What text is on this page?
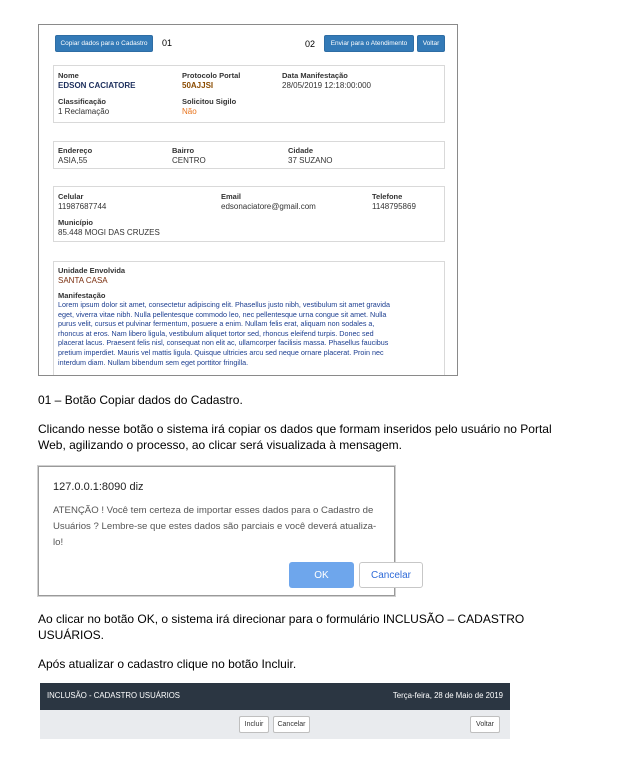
Copiar dados para o Cadastro	01	02	Enviar para o Atendimento	Voltar
Nome
EDSON CACIATORE
Protocolo Portal
50AJJSI
Data Manifestação
28/05/2019 12:18:00:000
Classificação
1 Reclamação
Solicitou Sigilo
Não
Endereço
ASIA,55
Bairro
CENTRO
Cidade
37 SUZANO
Celular
11987687744
Email
edsonaciatore@gmail.com
Telefone
1148795869
Município
85.448 MOGI DAS CRUZES
Unidade Envolvida
SANTA CASA
Manifestação
Lorem ipsum dolor sit amet, consectetur adipiscing elit. Phasellus justo nibh, vestibulum sit amet gravida
eget, viverra vitae nibh. Nulla pellentesque commodo leo, nec pellentesque urna congue sit amet. Nulla
purus velit, cursus et pulvinar fermentum, posuere a enim. Nullam felis erat, aliquam non sodales a,
rhoncus at eros. Nam libero ligula, vestibulum aliquet tortor sed, rhoncus eleifend turpis. Donec sed
placerat lacus. Praesent felis nisl, consequat non elit ac, ullamcorper facilisis massa. Phasellus faucibus
pretium imperdiet. Mauris vel mattis ligula. Quisque ultricies arcu sed neque ornare placerat. Proin nec
interdum diam. Nullam bibendum sem eget porttitor fringilla.
01 – Botão Copiar dados do Cadastro.
Clicando nesse botão o sistema irá copiar os dados que formam inseridos pelo usuário no Portal
Web, agilizando o processo, ao clicar será visualizada à mensagem.
127.0.0.1:8090 diz
ATENÇÃO ! Você tem certeza de importar esses dados para o Cadastro de Usuários ? Lembre-se que estes dados são parciais e você deverá atualiza-lo!
OK	Cancelar
Ao clicar no botão OK, o sistema irá direcionar para o formulário INCLUSÃO – CADASTRO
USUÁRIOS.
Após atualizar o cadastro clique no botão Incluir.
INCLUSÃO - CADASTRO USUÁRIOS	Terça-feira, 28 de Maio de 2019
Incluir	Cancelar	Voltar
